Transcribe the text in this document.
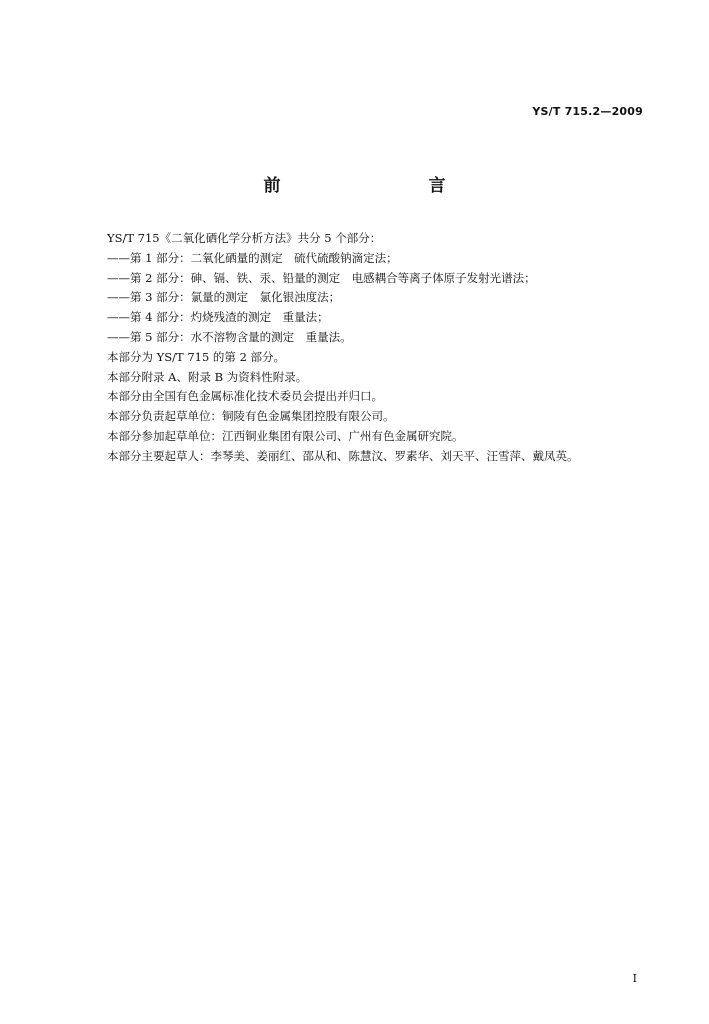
YS/T 715.2—2009
前　　言
YS/T 715《二氧化硒化学分析方法》共分 5 个部分：
——第 1 部分：二氧化硒量的测定　硫代硫酸钠滴定法；
——第 2 部分：砷、镉、铁、汞、铅量的测定　电感耦合等离子体原子发射光谱法；
——第 3 部分：氯量的测定　氯化银浊度法；
——第 4 部分：灼烧残渣的测定　重量法；
——第 5 部分：水不溶物含量的测定　重量法。
本部分为 YS/T 715 的第 2 部分。
本部分附录 A、附录 B 为资料性附录。
本部分由全国有色金属标准化技术委员会提出并归口。
本部分负责起草单位：铜陵有色金属集团控股有限公司。
本部分参加起草单位：江西铜业集团有限公司、广州有色金属研究院。
本部分主要起草人：李琴美、姜丽红、邵从和、陈慧汶、罗素华、刘天平、汪雪萍、戴凤英。
I
